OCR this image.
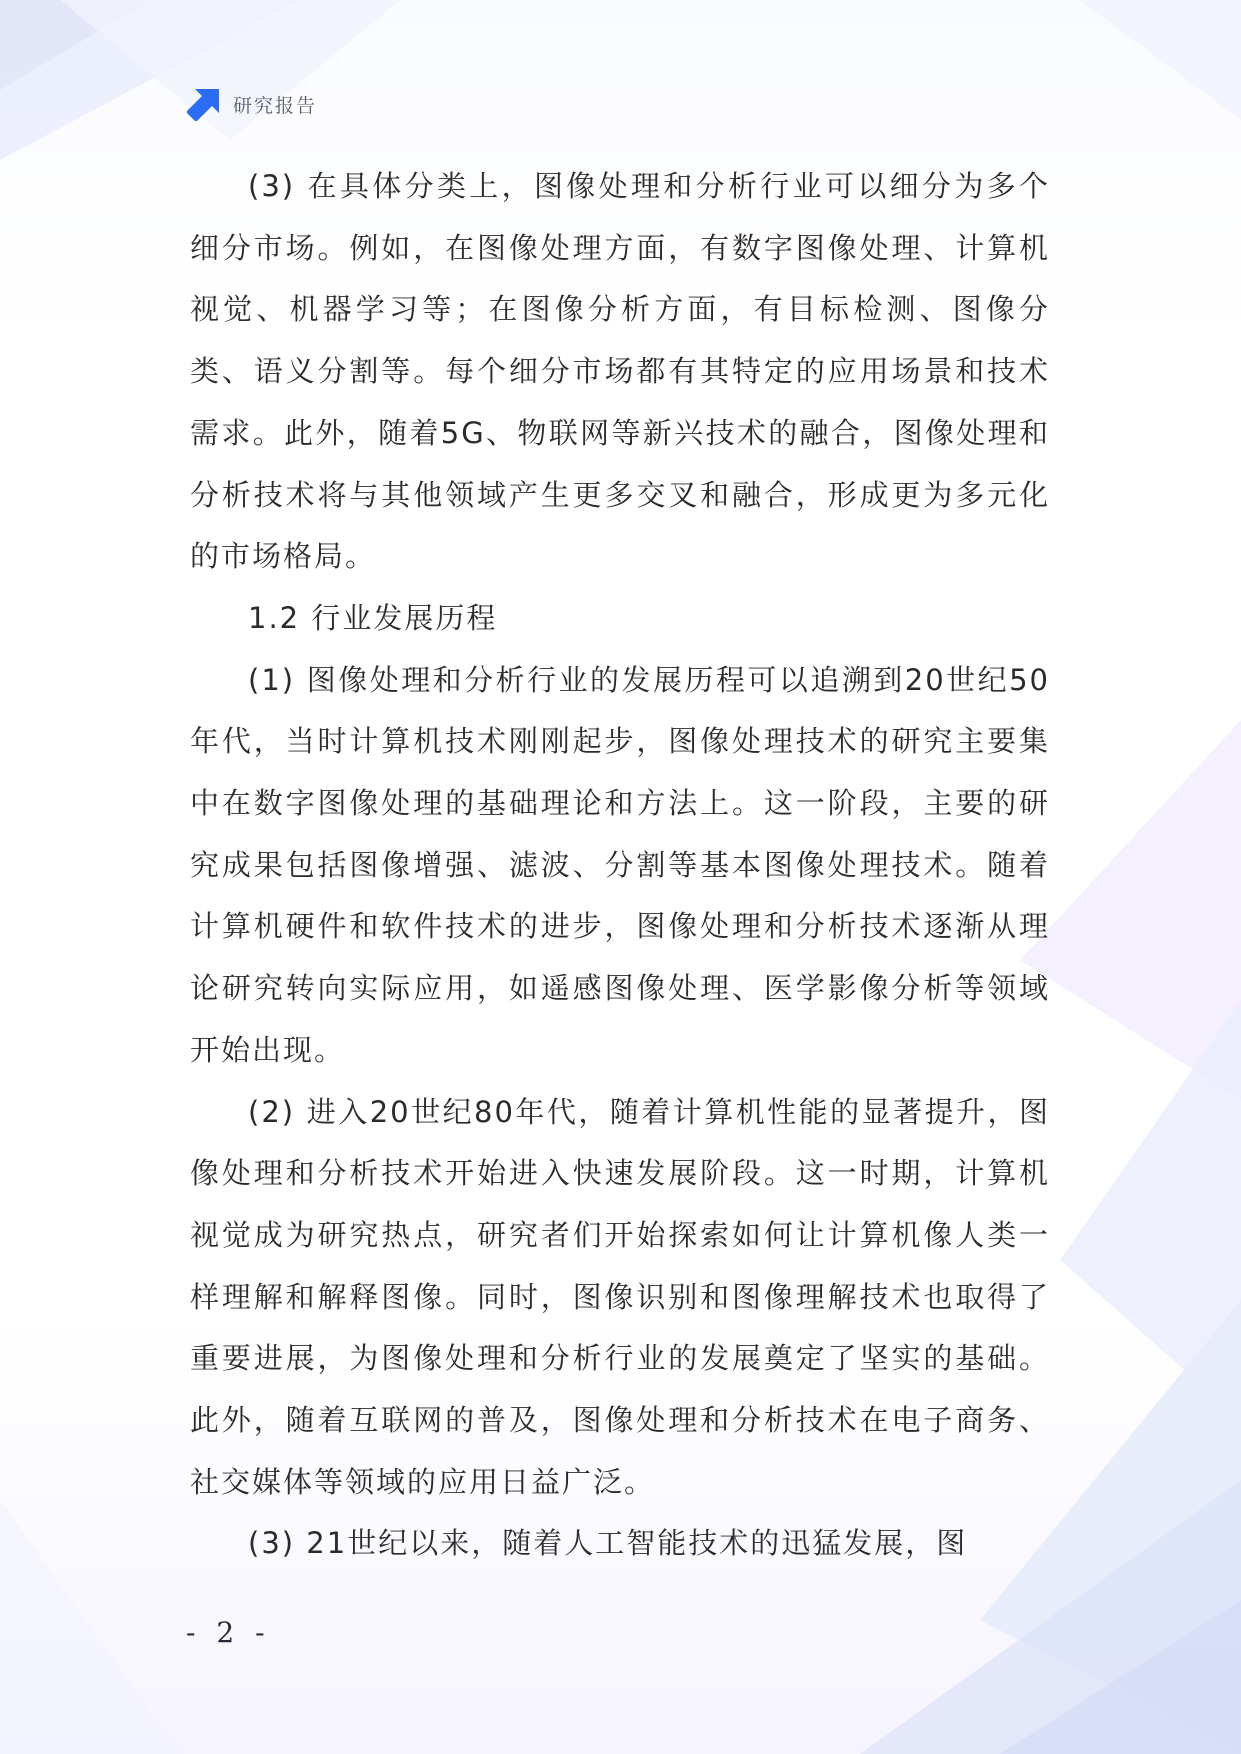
研究报告

(3) 在具体分类上，图像处理和分析行业可以细分为多个细分市场。例如，在图像处理方面，有数字图像处理、计算机视觉、机器学习等；在图像分析方面，有目标检测、图像分类、语义分割等。每个细分市场都有其特定的应用场景和技术需求。此外，随着5G、物联网等新兴技术的融合，图像处理和分析技术将与其他领域产生更多交叉和融合，形成更为多元化的市场格局。

1.2 行业发展历程

(1) 图像处理和分析行业的发展历程可以追溯到20世纪50年代，当时计算机技术刚刚起步，图像处理技术的研究主要集中在数字图像处理的基础理论和方法上。这一阶段，主要的研究成果包括图像增强、滤波、分割等基本图像处理技术。随着计算机硬件和软件技术的进步，图像处理和分析技术逐渐从理论研究转向实际应用，如遥感图像处理、医学影像分析等领域开始出现。

(2) 进入20世纪80年代，随着计算机性能的显著提升，图像处理和分析技术开始进入快速发展阶段。这一时期，计算机视觉成为研究热点，研究者们开始探索如何让计算机像人类一样理解和解释图像。同时，图像识别和图像理解技术也取得了重要进展，为图像处理和分析行业的发展奠定了坚实的基础。此外，随着互联网的普及，图像处理和分析技术在电子商务、社交媒体等领域的应用日益广泛。

(3) 21世纪以来，随着人工智能技术的迅猛发展，图

- 2 -
